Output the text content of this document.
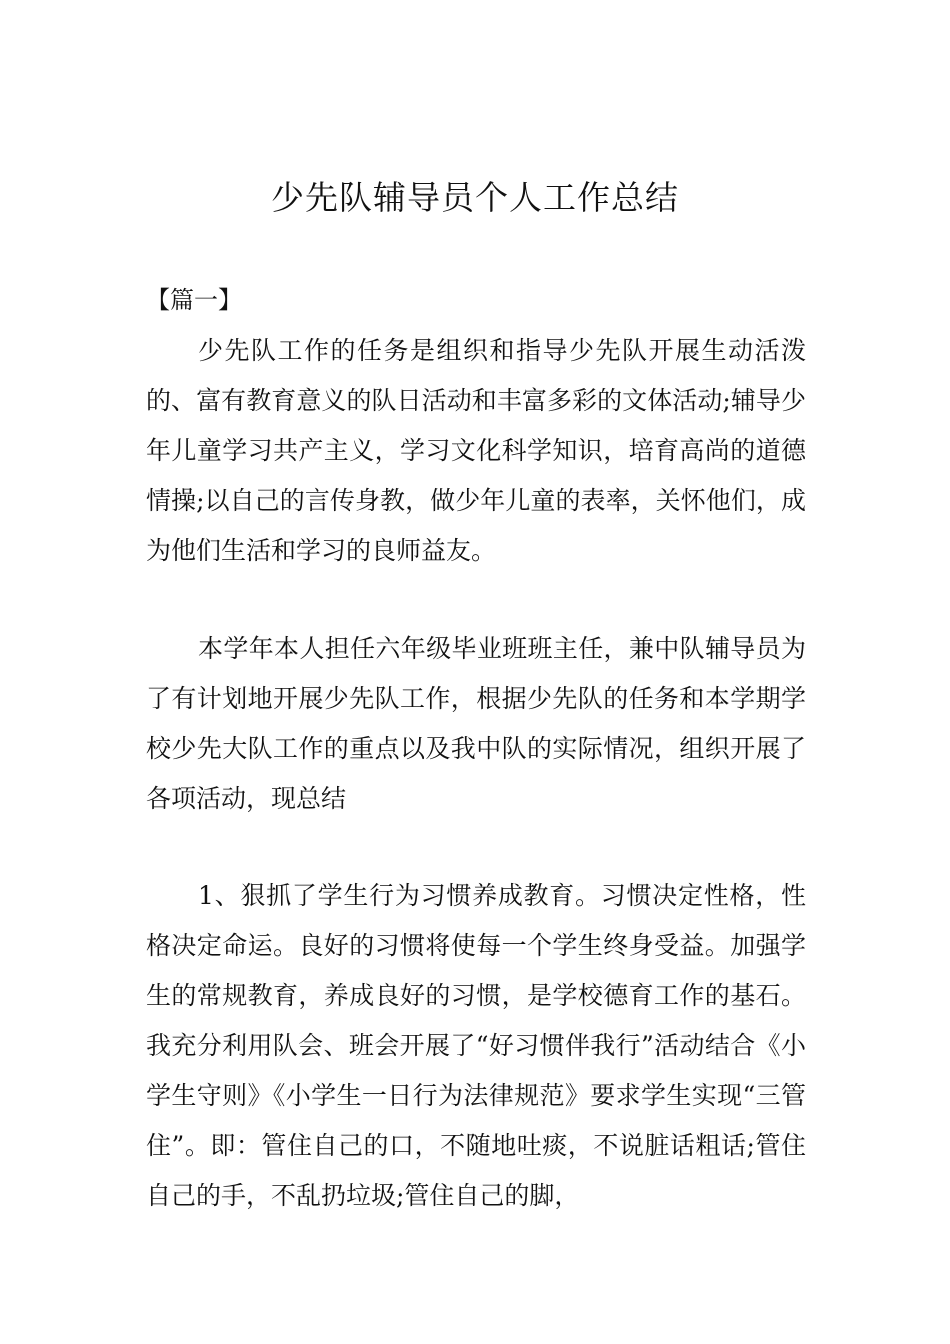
少先队辅导员个人工作总结

【篇一】

少先队工作的任务是组织和指导少先队开展生动活泼的、富有教育意义的队日活动和丰富多彩的文体活动;辅导少年儿童学习共产主义，学习文化科学知识，培育高尚的道德情操;以自己的言传身教，做少年儿童的表率，关怀他们，成为他们生活和学习的良师益友。

本学年本人担任六年级毕业班班主任，兼中队辅导员为了有计划地开展少先队工作，根据少先队的任务和本学期学校少先大队工作的重点以及我中队的实际情况，组织开展了各项活动，现总结

1、狠抓了学生行为习惯养成教育。习惯决定性格，性格决定命运。良好的习惯将使每一个学生终身受益。加强学生的常规教育，养成良好的习惯，是学校德育工作的基石。我充分利用队会、班会开展了“好习惯伴我行”活动结合《小学生守则》《小学生一日行为法律规范》要求学生实现“三管住”。即：管住自己的口，不随地吐痰，不说脏话粗话;管住自己的手，不乱扔垃圾;管住自己的脚，
